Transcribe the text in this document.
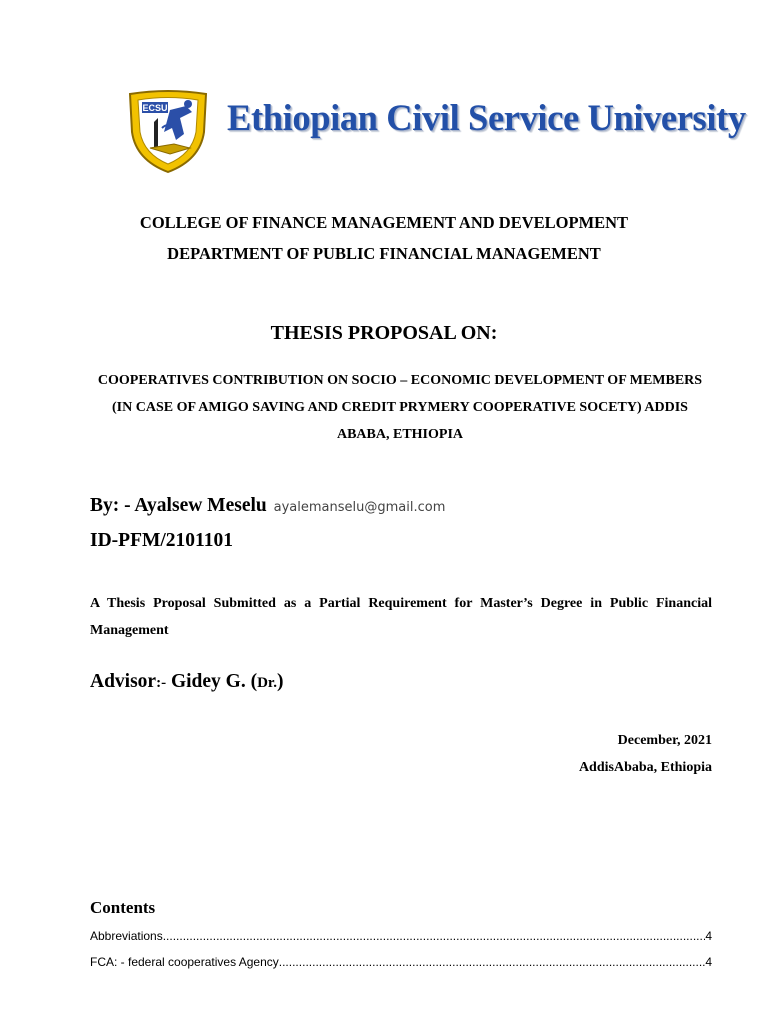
ECSU Ethiopian Civil Service University
COLLEGE OF FINANCE MANAGEMENT AND DEVELOPMENT
DEPARTMENT OF PUBLIC FINANCIAL MANAGEMENT
THESIS PROPOSAL ON:
COOPERATIVES CONTRIBUTION ON SOCIO – ECONOMIC DEVELOPMENT OF MEMBERS (IN CASE OF AMIGO SAVING AND CREDIT PRYMERY COOPERATIVE SOCETY) ADDIS ABABA, ETHIOPIA
By: - Ayalsew Meselu ayalemanselu@gmail.com
ID-PFM/2101101
A Thesis Proposal Submitted as a Partial Requirement for Master’s Degree in Public Financial Management
Advisor:- Gidey G. (Dr.)
December, 2021
AddisAbaba, Ethiopia
Contents
Abbreviations .....	4
FCA: - federal cooperatives Agency .....	4
